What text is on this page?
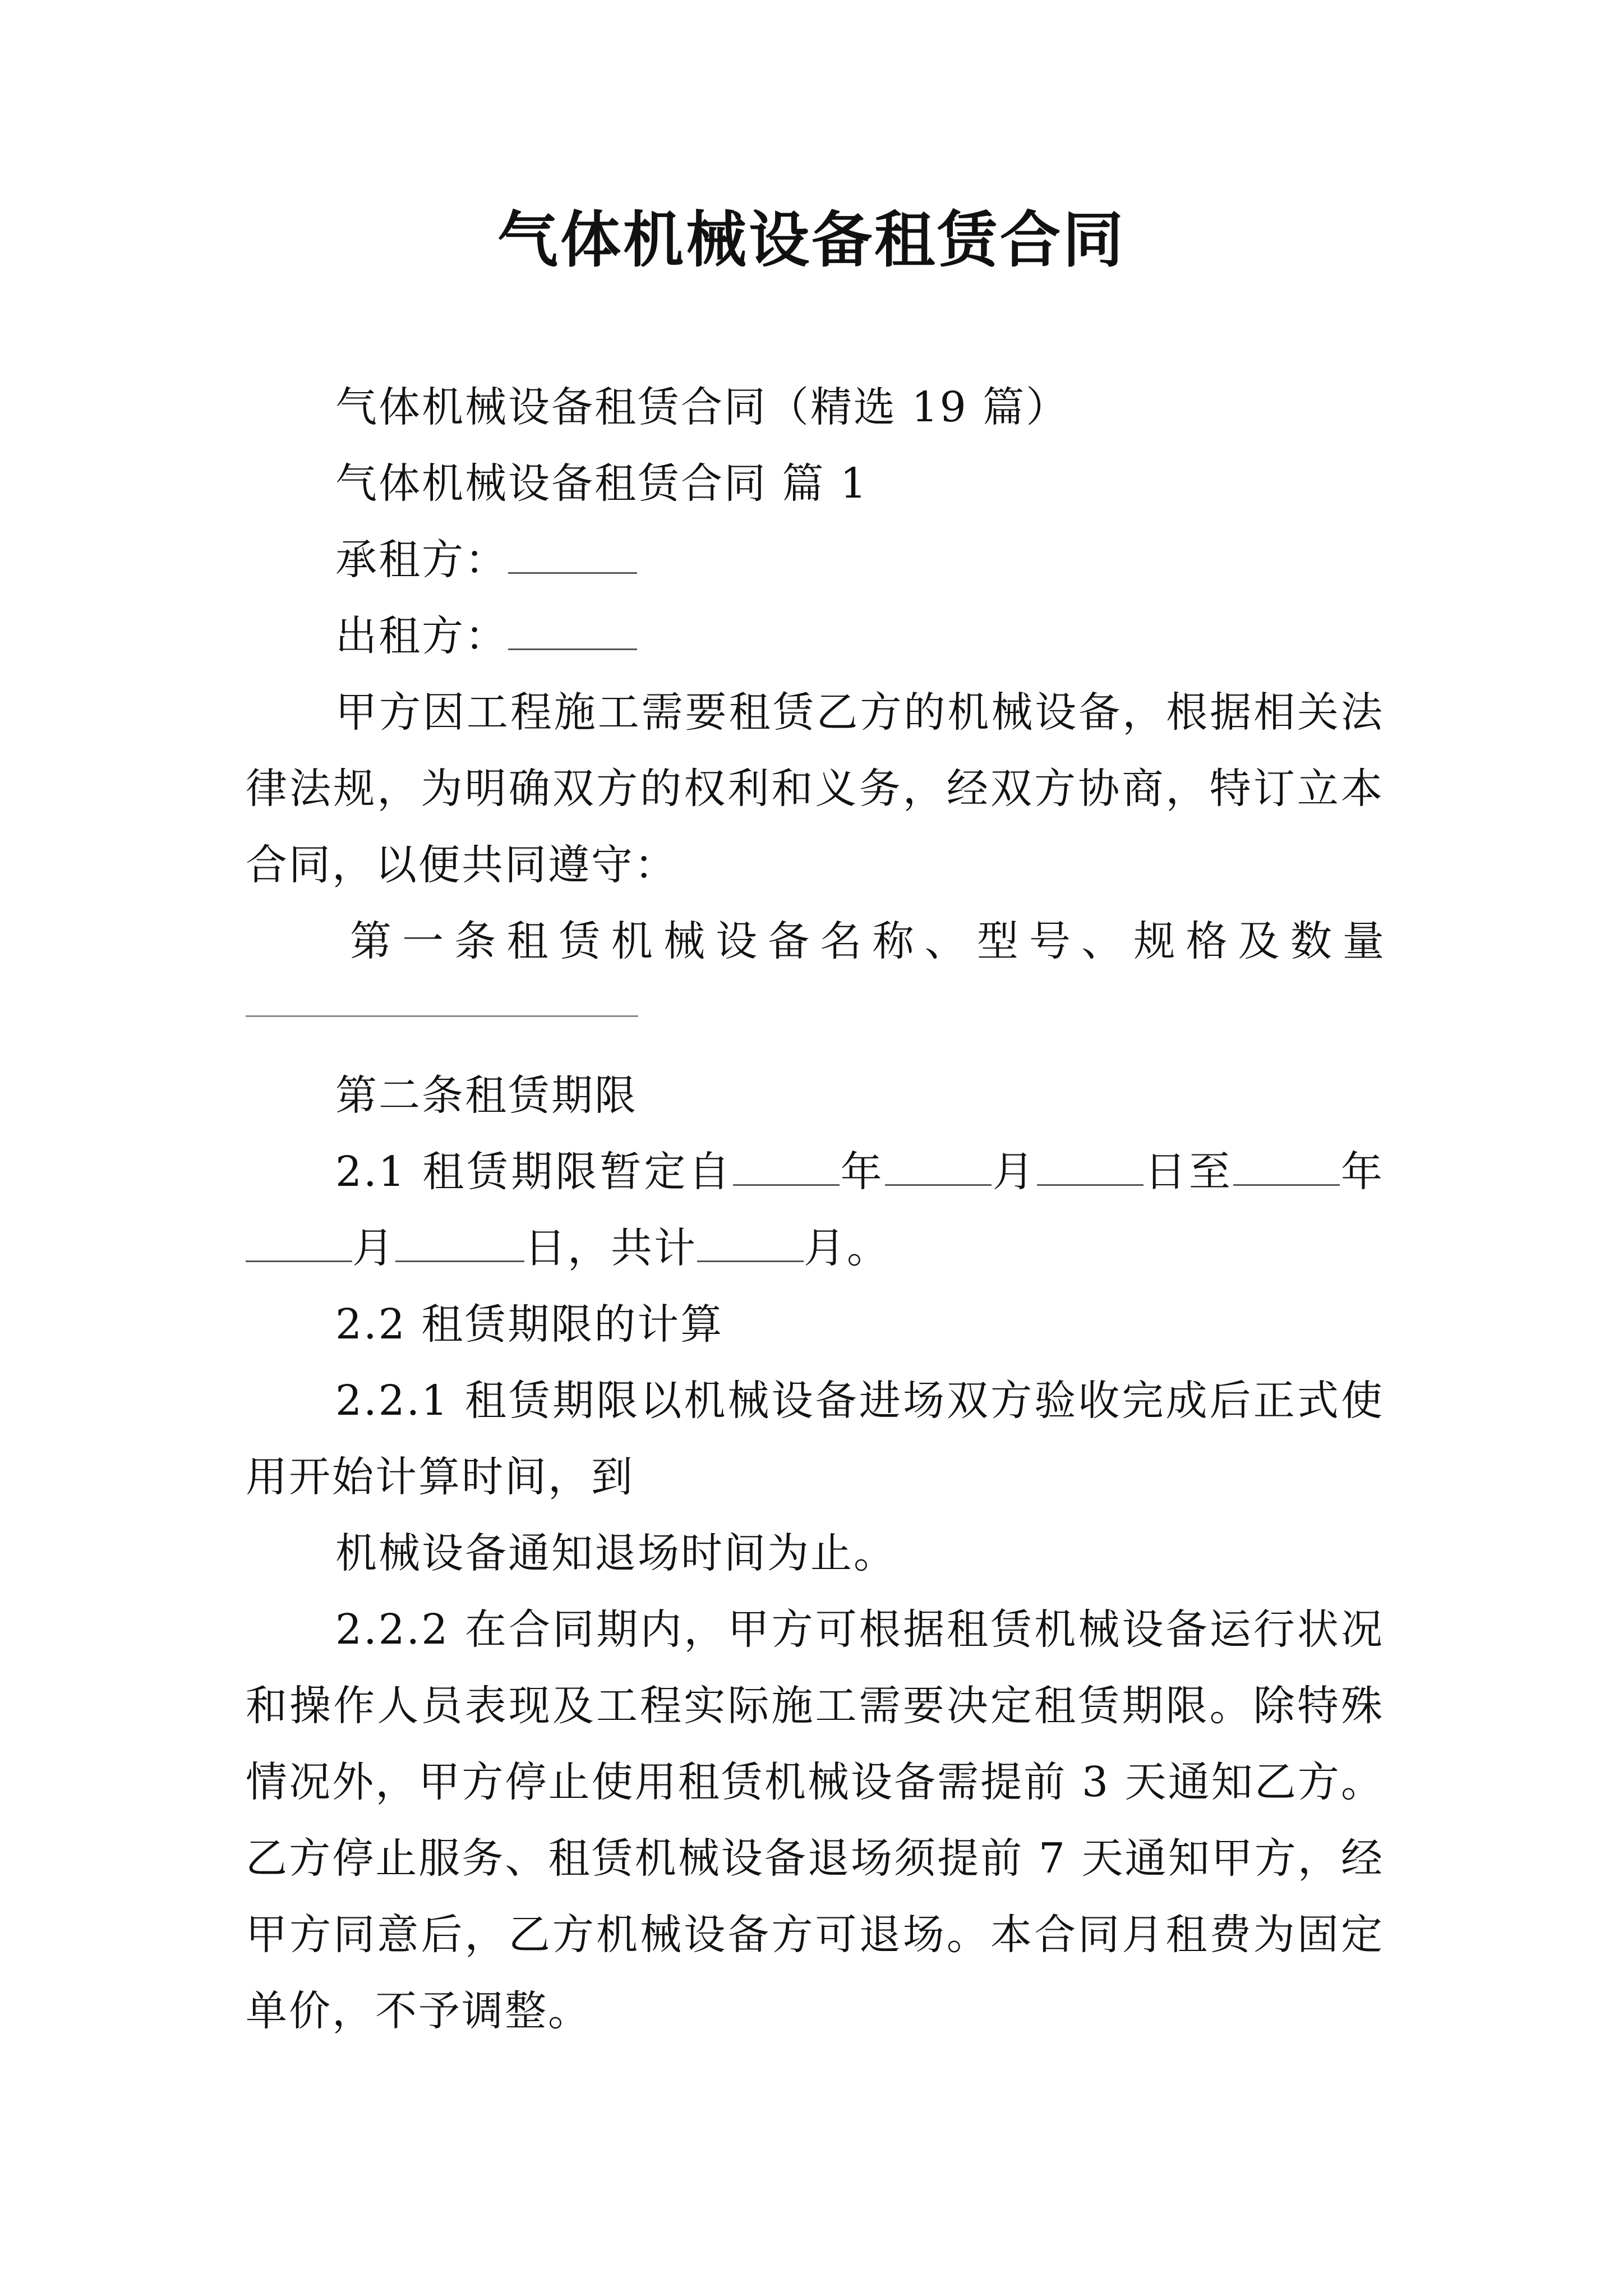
气体机械设备租赁合同

气体机械设备租赁合同（精选 19 篇）

气体机械设备租赁合同 篇 1

承租方：

出租方：

甲方因工程施工需要租赁乙方的机械设备，根据相关法律法规，为明确双方的权利和义务，经双方协商，特订立本合同，以便共同遵守：

第 一 条 租 赁 机 械 设 备 名 称 、 型 号 、 规 格 及 数 量

第二条租赁期限

2.1 租赁期限暂定自	年	月	日至	年月	日，共计	月。

2.2 租赁期限的计算

2.2.1 租赁期限以机械设备进场双方验收完成后正式使用开始计算时间，到

机械设备通知退场时间为止。

2.2.2 在合同期内，甲方可根据租赁机械设备运行状况和操作人员表现及工程实际施工需要决定租赁期限。除特殊情况外，甲方停止使用租赁机械设备需提前 3 天通知乙方。乙方停止服务、租赁机械设备退场须提前 7 天通知甲方，经甲方同意后，乙方机械设备方可退场。本合同月租费为固定单价，不予调整。
